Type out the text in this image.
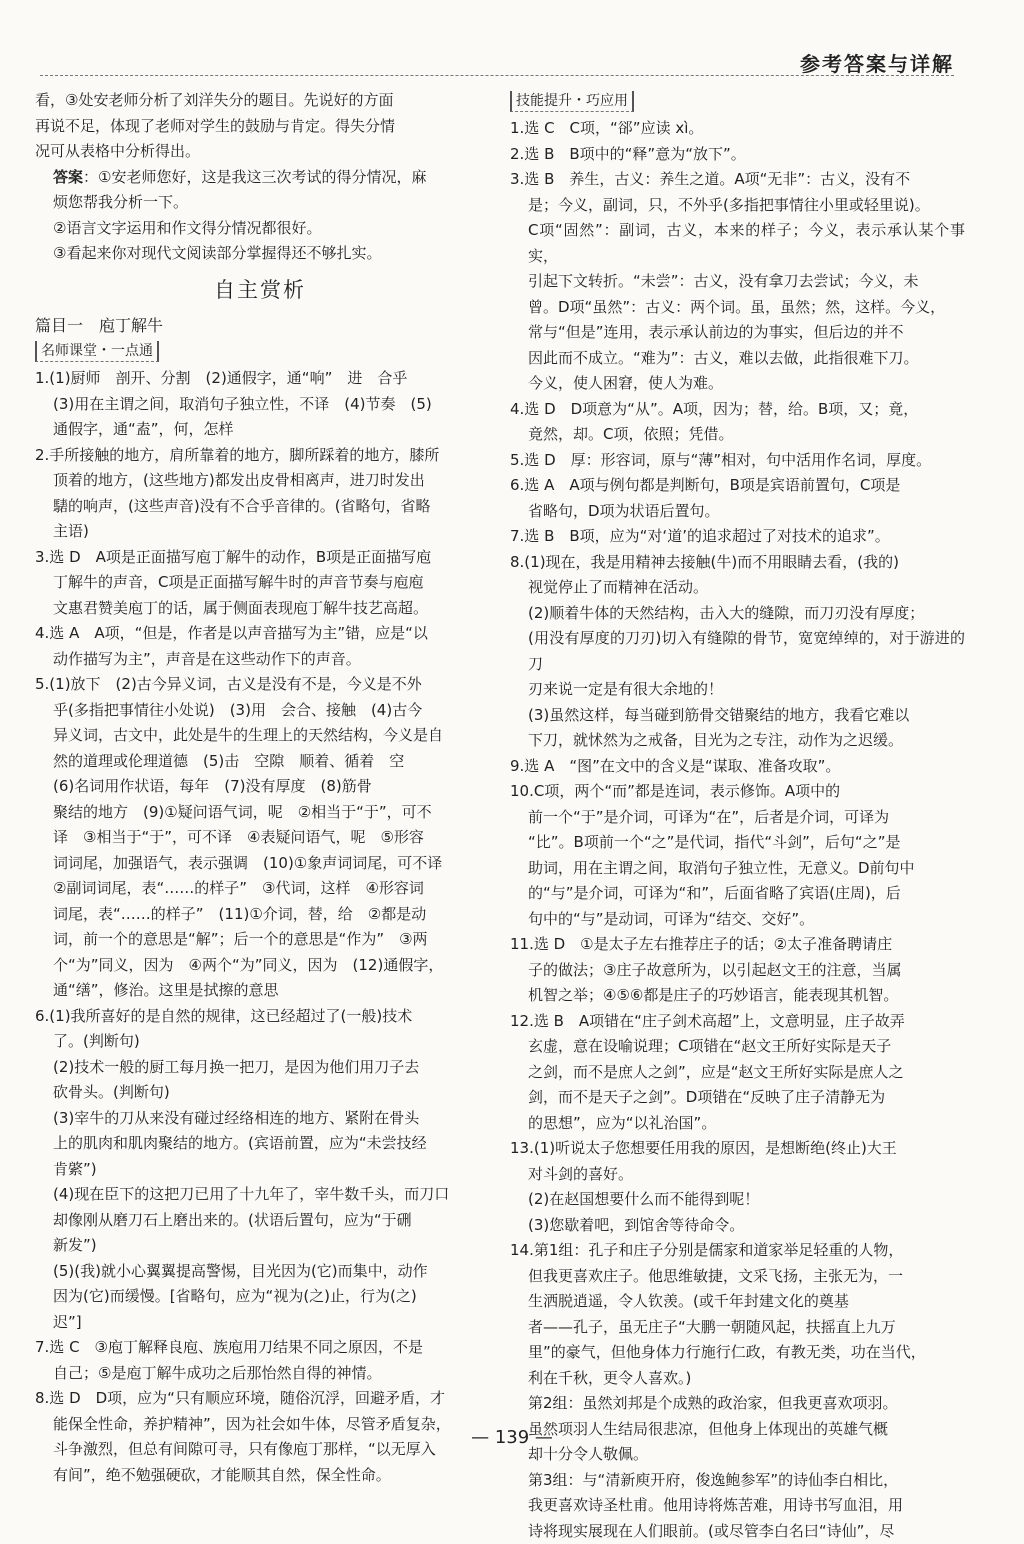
参考答案与详解

看，③处安老师分析了刘洋失分的题目。先说好的方面

再说不足，体现了老师对学生的鼓励与肯定。得失分情

况可从表格中分析得出。

答案：①安老师您好，这是我这三次考试的得分情况，麻

烦您帮我分析一下。

②语言文字运用和作文得分情况都很好。

③看起来你对现代文阅读部分掌握得还不够扎实。

自主赏析

篇目一　庖丁解牛

名师课堂・一点通

1.(1)厨师　剖开、分割　(2)通假字，通“响”　进　合乎

(3)用在主谓之间，取消句子独立性，不译　(4)节奏　(5)

通假字，通“盍”，何，怎样

2.手所接触的地方，肩所靠着的地方，脚所踩着的地方，膝所

顶着的地方，(这些地方)都发出皮骨相离声，进刀时发出

騞的响声，(这些声音)没有不合乎音律的。(省略句，省略

主语)

3.选 D　A项是正面描写庖丁解牛的动作，B项是正面描写庖

丁解牛的声音，C项是正面描写解牛时的声音节奏与庖庖

文惠君赞美庖丁的话，属于侧面表现庖丁解牛技艺高超。

4.选 A　A项，“但是，作者是以声音描写为主”错，应是“以

动作描写为主”，声音是在这些动作下的声音。

5.(1)放下　(2)古今异义词，古义是没有不是，今义是不外

乎(多指把事情往小处说)　(3)用　会合、接触　(4)古今

异义词，古文中，此处是牛的生理上的天然结构，今义是自

然的道理或伦理道德　(5)击　空隙　顺着、循着　空

(6)名词用作状语，每年　(7)没有厚度　(8)筋骨

聚结的地方　(9)①疑问语气词，呢　②相当于“于”，可不

译　③相当于“于”，可不译　④表疑问语气，呢　⑤形容

词词尾，加强语气，表示强调　(10)①象声词词尾，可不译

②副词词尾，表“……的样子”　③代词，这样　④形容词

词尾，表“……的样子”　(11)①介词，替，给　②都是动

词，前一个的意思是“解”；后一个的意思是“作为”　③两

个“为”同义，因为　④两个“为”同义，因为　(12)通假字，

通“缮”，修治。这里是拭擦的意思

6.(1)我所喜好的是自然的规律，这已经超过了(一般)技术

了。(判断句)

(2)技术一般的厨工每月换一把刀，是因为他们用刀子去

砍骨头。(判断句)

(3)宰牛的刀从来没有碰过经络相连的地方、紧附在骨头

上的肌肉和肌肉聚结的地方。(宾语前置，应为“未尝技经

肯綮”)

(4)现在臣下的这把刀已用了十九年了，宰牛数千头，而刀口

却像刚从磨刀石上磨出来的。(状语后置句，应为“于硎

新发”)

(5)(我)就小心翼翼提高警惕，目光因为(它)而集中，动作

因为(它)而缓慢。[省略句，应为“视为(之)止，行为(之)

迟”]

7.选 C　③庖丁解释良庖、族庖用刀结果不同之原因，不是

自己；⑤是庖丁解牛成功之后那怡然自得的神情。

8.选 D　D项，应为“只有顺应环境，随俗沉浮，回避矛盾，才

能保全性命，养护精神”，因为社会如牛体，尽管矛盾复杂，

斗争激烈，但总有间隙可寻，只有像庖丁那样，“以无厚入

有间”，绝不勉强硬砍，才能顺其自然，保全性命。

技能提升・巧应用

1.选 C　C项，“郤”应读 xì。

2.选 B　B项中的“释”意为“放下”。

3.选 B　养生，古义：养生之道。A项“无非”：古义，没有不

是；今义，副词，只，不外乎(多指把事情往小里或轻里说)。

C项“固然”：副词，古义，本来的样子；今义，表示承认某个事实，

引起下文转折。“未尝”：古义，没有拿刀去尝试；今义，未

曾。D项“虽然”：古义：两个词。虽，虽然；然，这样。今义，

常与“但是”连用，表示承认前边的为事实，但后边的并不

因此而不成立。“难为”：古义，难以去做，此指很难下刀。

今义，使人困窘，使人为难。

4.选 D　D项意为“从”。A项，因为；替，给。B项，又；竟，

竟然，却。C项，依照；凭借。

5.选 D　厚：形容词，原与“薄”相对，句中活用作名词，厚度。

6.选 A　A项与例句都是判断句，B项是宾语前置句，C项是

省略句，D项为状语后置句。

7.选 B　B项，应为“对‘道’的追求超过了对技术的追求”。

8.(1)现在，我是用精神去接触(牛)而不用眼睛去看，(我的)

视觉停止了而精神在活动。

(2)顺着牛体的天然结构，击入大的缝隙，而刀刃没有厚度；

(用没有厚度的刀刃)切入有缝隙的骨节，宽宽绰绰的，对于游进的刀

刃来说一定是有很大余地的！

(3)虽然这样，每当碰到筋骨交错聚结的地方，我看它难以

下刀，就怵然为之戒备，目光为之专注，动作为之迟缓。

9.选 A　“图”在文中的含义是“谋取、准备攻取”。

10.C项，两个“而”都是连词，表示修饰。A项中的

前一个“于”是介词，可译为“在”，后者是介词，可译为

“比”。B项前一个“之”是代词，指代“斗剑”，后句“之”是

助词，用在主谓之间，取消句子独立性，无意义。D前句中

的“与”是介词，可译为“和”，后面省略了宾语(庄周)，后

句中的“与”是动词，可译为“结交、交好”。

11.选 D　①是太子左右推荐庄子的话；②太子准备聘请庄

子的做法；③庄子故意所为，以引起赵文王的注意，当属

机智之举；④⑤⑥都是庄子的巧妙语言，能表现其机智。

12.选 B　A项错在“庄子剑术高超”上，文意明显，庄子故弄

玄虚，意在设喻说理；C项错在“赵文王所好实际是天子

之剑，而不是庶人之剑”，应是“赵文王所好实际是庶人之

剑，而不是天子之剑”。D项错在“反映了庄子清静无为

的思想”，应为“以礼治国”。

13.(1)听说太子您想要任用我的原因，是想断绝(终止)大王

对斗剑的喜好。

(2)在赵国想要什么而不能得到呢！

(3)您歇着吧，到馆舍等待命令。

14.第1组：孔子和庄子分别是儒家和道家举足轻重的人物，

但我更喜欢庄子。他思维敏捷，文采飞扬，主张无为，一

生洒脱逍遥，令人钦羡。(或千年封建文化的奠基

者——孔子，虽无庄子“大鹏一朝随风起，扶摇直上九万

里”的豪气，但他身体力行施行仁政，有教无类，功在当代，

利在千秋，更令人喜欢。)

第2组：虽然刘邦是个成熟的政治家，但我更喜欢项羽。

虽然项羽人生结局很悲凉，但他身上体现出的英雄气概

却十分令人敬佩。

第3组：与“清新庾开府，俊逸鲍参军”的诗仙李白相比，

我更喜欢诗圣杜甫。他用诗将炼苦难，用诗书写血泪，用

诗将现实展现在人们眼前。(或尽管李白名曰“诗仙”，尽

— 139 —
